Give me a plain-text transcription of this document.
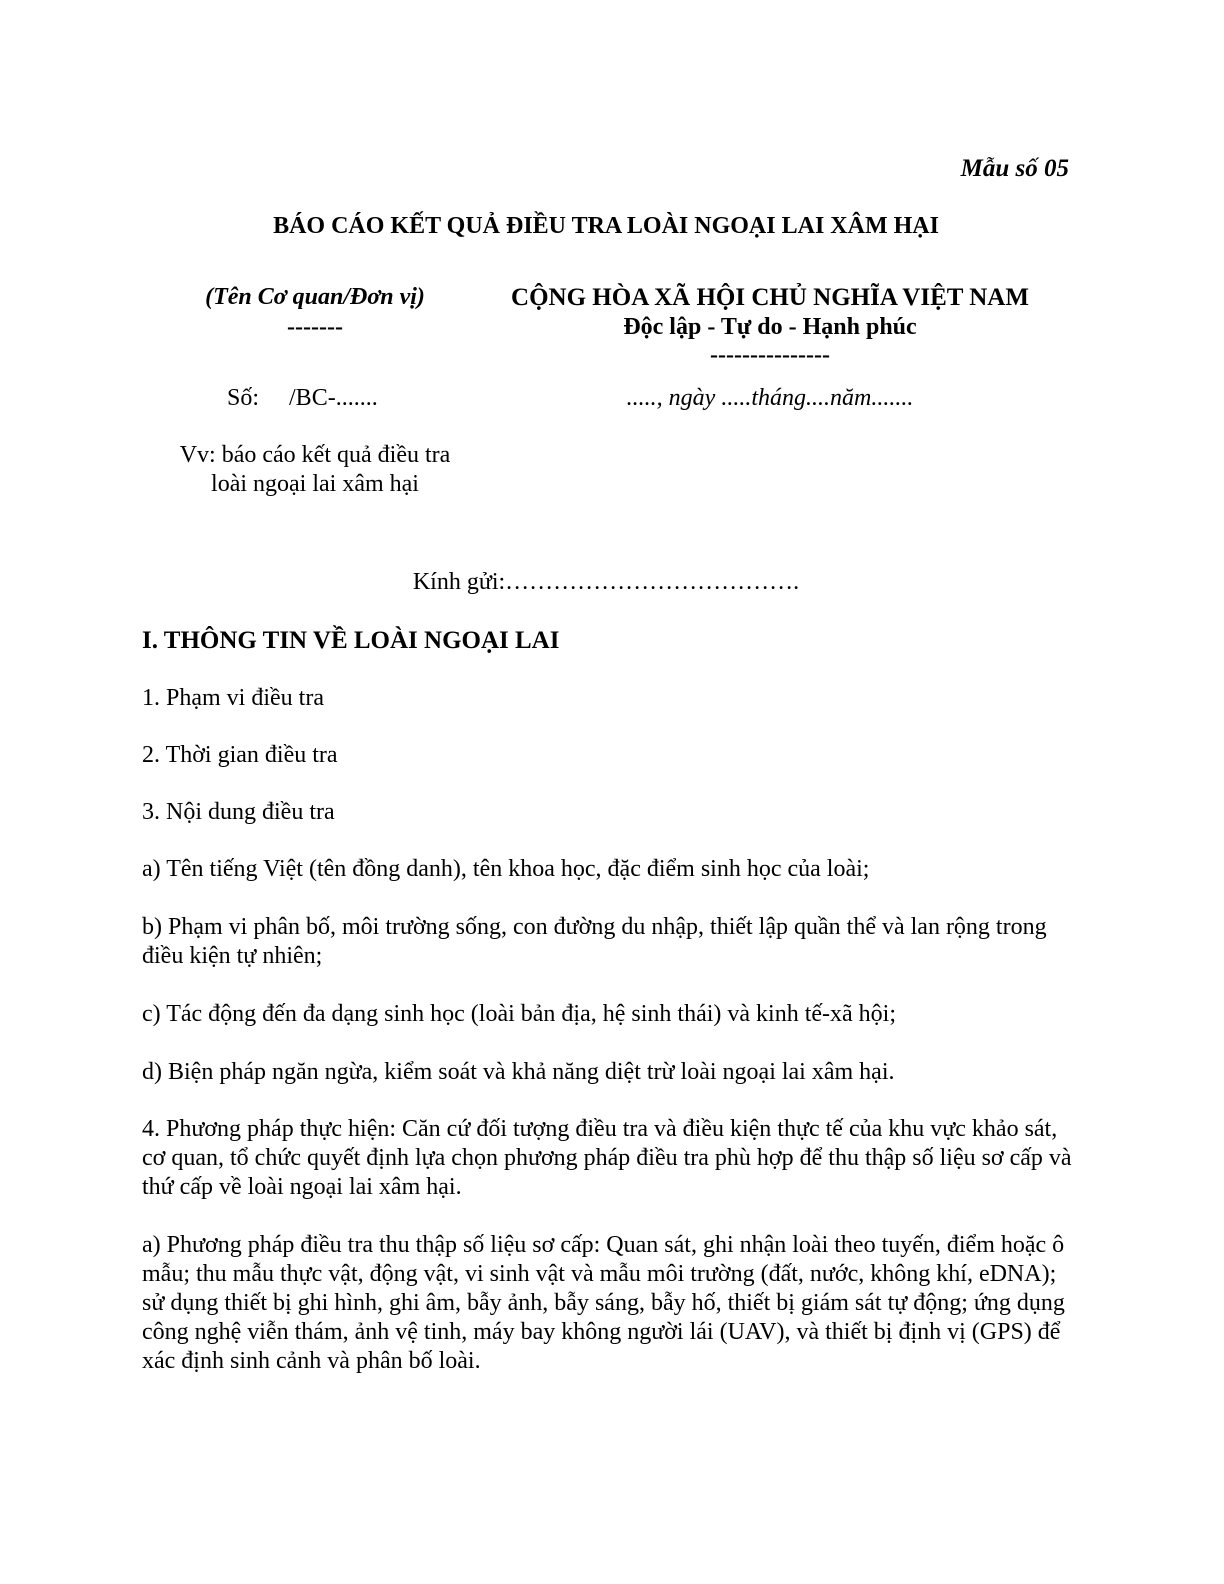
Mẫu số 05
BÁO CÁO KẾT QUẢ ĐIỀU TRA LOÀI NGOẠI LAI XÂM HẠI
(Tên Cơ quan/Đơn vị)
-------
CỘNG HÒA XÃ HỘI CHỦ NGHĨA VIỆT NAM
Độc lập - Tự do - Hạnh phúc
---------------
Số: /BC-.......	....., ngày .....tháng....năm.......
Vv: báo cáo kết quả điều tra
loài ngoại lai xâm hại
Kính gửi:……………………………….
I. THÔNG TIN VỀ LOÀI NGOẠI LAI
1. Phạm vi điều tra
2. Thời gian điều tra
3. Nội dung điều tra
a) Tên tiếng Việt (tên đồng danh), tên khoa học, đặc điểm sinh học của loài;
b) Phạm vi phân bố, môi trường sống, con đường du nhập, thiết lập quần thể và lan rộng trong điều kiện tự nhiên;
c) Tác động đến đa dạng sinh học (loài bản địa, hệ sinh thái) và kinh tế-xã hội;
d) Biện pháp ngăn ngừa, kiểm soát và khả năng diệt trừ loài ngoại lai xâm hại.
4. Phương pháp thực hiện: Căn cứ đối tượng điều tra và điều kiện thực tế của khu vực khảo sát, cơ quan, tổ chức quyết định lựa chọn phương pháp điều tra phù hợp để thu thập số liệu sơ cấp và thứ cấp về loài ngoại lai xâm hại.
a) Phương pháp điều tra thu thập số liệu sơ cấp: Quan sát, ghi nhận loài theo tuyến, điểm hoặc ô mẫu; thu mẫu thực vật, động vật, vi sinh vật và mẫu môi trường (đất, nước, không khí, eDNA); sử dụng thiết bị ghi hình, ghi âm, bẫy ảnh, bẫy sáng, bẫy hố, thiết bị giám sát tự động; ứng dụng công nghệ viễn thám, ảnh vệ tinh, máy bay không người lái (UAV), và thiết bị định vị (GPS) để xác định sinh cảnh và phân bố loài.
